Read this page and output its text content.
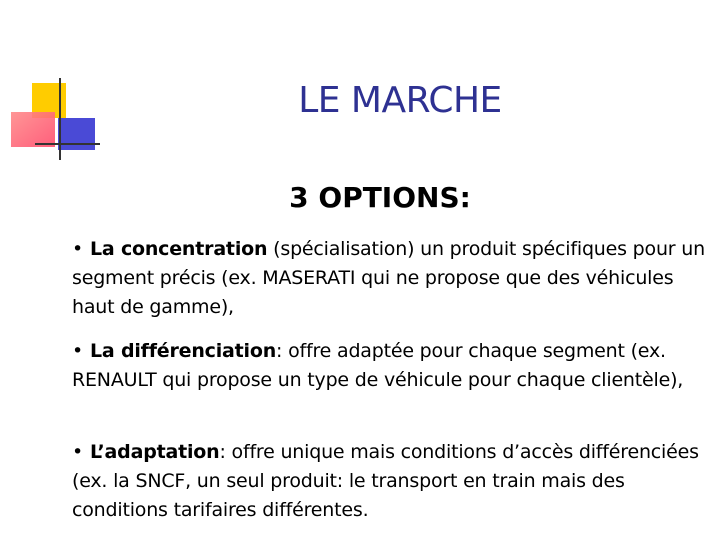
LE MARCHE
3 OPTIONS:
• La concentration (spécialisation) un produit spécifiques pour un segment précis (ex. MASERATI qui ne propose que des véhicules haut de gamme),
• La différenciation: offre adaptée pour chaque segment (ex. RENAULT qui propose un type de véhicule pour chaque clientèle),
• L’adaptation: offre unique mais conditions d’accès différenciées (ex. la SNCF, un seul produit: le transport en train mais des conditions tarifaires différentes.
